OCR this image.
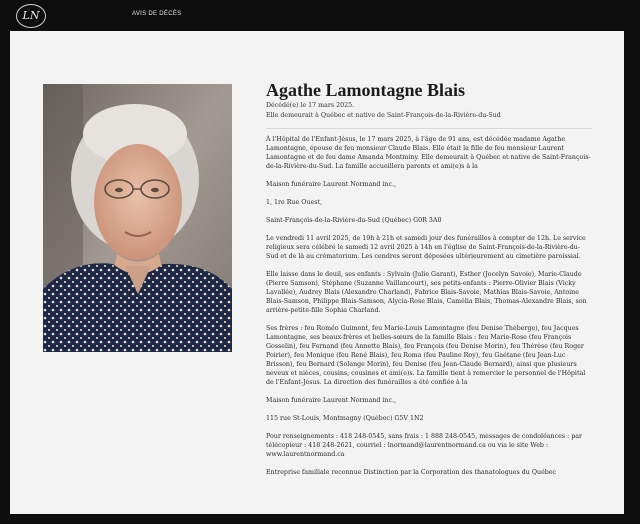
LN	AVIS DE DÉCÈS
Agathe Lamontagne Blais
Décédé(e) le 17 mars 2025.
Elle demeurait à Québec et native de Saint-François-de-la-Rivière-du-Sud

À l'Hôpital de l'Enfant-Jésus, le 17 mars 2025, à l'âge de 91 ans, est décédée madame Agathe Lamontagne, épouse de feu monsieur Claude Blais. Elle était la fille de feu monsieur Laurent Lamontagne et de feu dame Amanda Montminy. Elle demeurait à Québec et native de Saint-François-de-la-Rivière-du-Sud. La famille accueillera parents et ami(e)s à la

Maison funéraire Laurent Normand inc.,

1, 1re Rue Ouest,

Saint-François-de-la-Rivière-du-Sud (Québec) G0R 3A0

Le vendredi 11 avril 2025, de 19h à 21h et samedi jour des funérailles à compter de 12h. Le service religieux sera célébré le samedi 12 avril 2025 à 14h en l'église de Saint-François-de-la-Rivière-du-Sud et de là au crématorium. Les cendres seront déposées ultérieurement au cimetière paroissial.

Elle laisse dans le deuil, ses enfants : Sylvain (Julie Garant), Esther (Jocelyn Savoie), Marie-Claude (Pierre Samson), Stéphane (Suzanne Vaillancourt), ses petits-enfants : Pierre-Olivier Blais (Vicky Lavallée), Audrey Blais (Alexandre Charland), Fabrice Blais-Savoie, Mathias Blais-Savoie, Antoine Blais-Samson, Philippe Blais-Samson, Alycia-Rose Blais, Camélia Blais, Thomas-Alexandre Blais, son arrière-petite-fille Sophia Charland.

Ses frères : feu Roméo Guimont, feu Marie-Louis Lamontagne (feu Denise Théberge), feu Jacques Lamontagne, ses beaux-frères et belles-sœurs de la famille Blais : feu Marie-Rose (feu François Gosselin), feu Fernand (feu Annette Blais), feu François (feu Denise Morin), feu Thérèse (feu Roger Poirier), feu Monique (feu René Blais), feu Roma (feu Pauline Roy), feu Gaétane (feu Jean-Luc Brisson), feu Bernard (Solange Morin), feu Denise (feu Jean-Claude Bernard), ainsi que plusieurs neveux et nièces, cousins, cousines et ami(e)s. La famille tient à remercier le personnel de l'Hôpital de l'Enfant-Jésus. La direction des funérailles a été confiée à la

Maison funéraire Laurent Normand inc.,

115 rue St-Louis, Montmagny (Québec) G5V 1N2

Pour renseignements : 418 248-0545, sans frais : 1 888 248-0545, messages de condoléances : par télécopieur : 418 248-2621, courriel : lnormand@laurentnormand.ca ou via le site Web : www.laurentnormand.ca

Entreprise familiale reconnue Distinction par la Corporation des thanatologues du Québec
